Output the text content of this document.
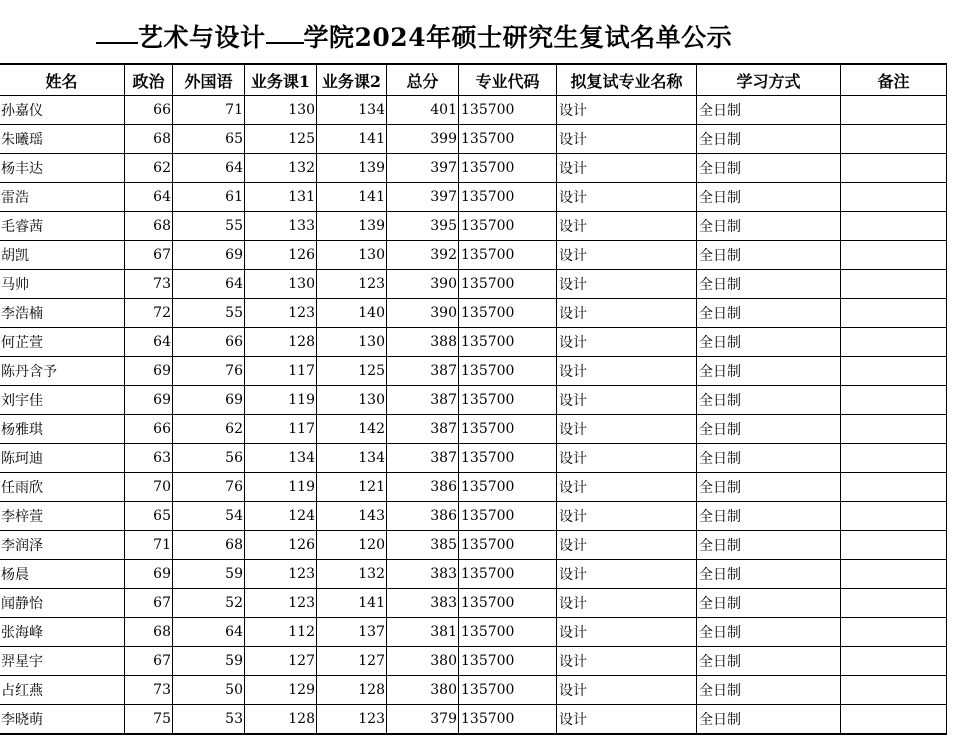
艺术与设计 学院2024年硕士研究生复试名单公示
姓名	政治	外国语	业务课1	业务课2	总分	专业代码	拟复试专业名称	学习方式	备注
孙嘉仪	66	71	130	134	401	135700	设计	全日制	
朱曦瑶	68	65	125	141	399	135700	设计	全日制	
杨丰达	62	64	132	139	397	135700	设计	全日制	
雷浩	64	61	131	141	397	135700	设计	全日制	
毛睿茜	68	55	133	139	395	135700	设计	全日制	
胡凯	67	69	126	130	392	135700	设计	全日制	
马帅	73	64	130	123	390	135700	设计	全日制	
李浩楠	72	55	123	140	390	135700	设计	全日制	
何芷萱	64	66	128	130	388	135700	设计	全日制	
陈丹含予	69	76	117	125	387	135700	设计	全日制	
刘宇佳	69	69	119	130	387	135700	设计	全日制	
杨雅琪	66	62	117	142	387	135700	设计	全日制	
陈珂迪	63	56	134	134	387	135700	设计	全日制	
任雨欣	70	76	119	121	386	135700	设计	全日制	
李梓萱	65	54	124	143	386	135700	设计	全日制	
李润泽	71	68	126	120	385	135700	设计	全日制	
杨晨	69	59	123	132	383	135700	设计	全日制	
闻静怡	67	52	123	141	383	135700	设计	全日制	
张海峰	68	64	112	137	381	135700	设计	全日制	
羿星宇	67	59	127	127	380	135700	设计	全日制	
占红燕	73	50	129	128	380	135700	设计	全日制	
李晓萌	75	53	128	123	379	135700	设计	全日制	
